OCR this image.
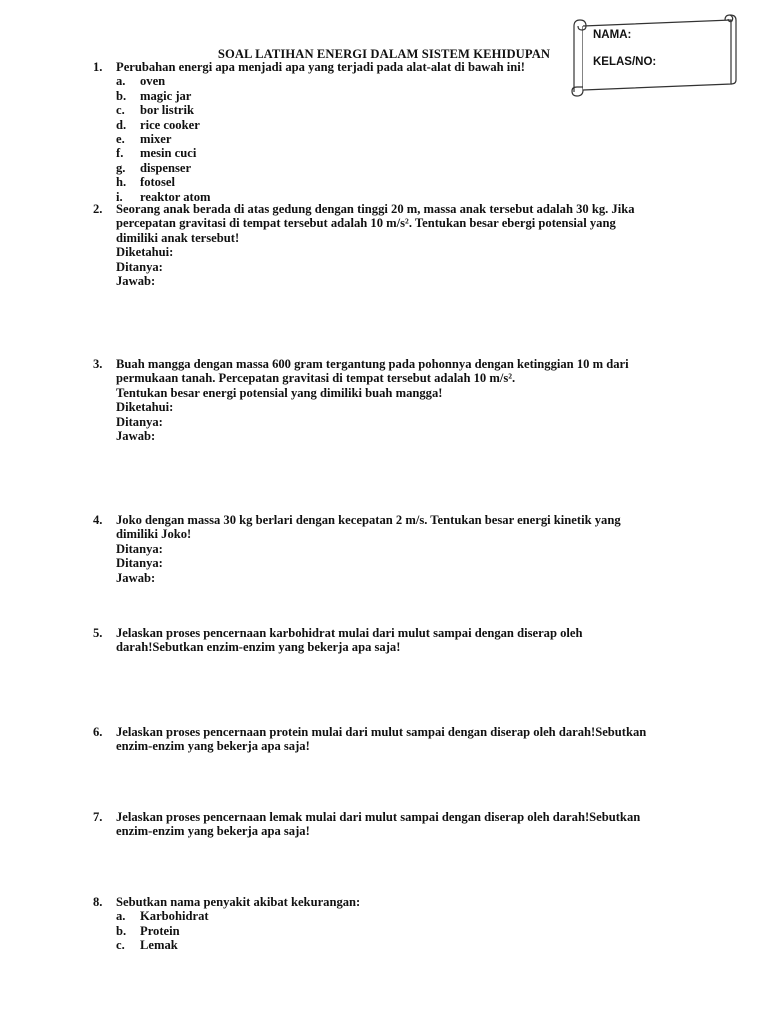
NAMA:
KELAS/NO:
SOAL LATIHAN ENERGI DALAM SISTEM KEHIDUPAN
1.	Perubahan energi apa menjadi apa yang terjadi pada alat-alat di bawah ini!
a. oven
b. magic jar
c. bor listrik
d. rice cooker
e. mixer
f. mesin cuci
g. dispenser
h. fotosel
i. reaktor atom
2.	Seorang anak berada di atas gedung dengan tinggi 20 m, massa anak tersebut adalah 30 kg. Jika
percepatan gravitasi di tempat tersebut adalah 10 m/s². Tentukan besar ebergi potensial yang
dimiliki anak tersebut!
Diketahui:
Ditanya:
Jawab:
3.	Buah mangga dengan massa 600 gram tergantung pada pohonnya dengan ketinggian 10 m dari
permukaan tanah. Percepatan gravitasi di tempat tersebut adalah 10 m/s².
Tentukan besar energi potensial yang dimiliki buah mangga!
Diketahui:
Ditanya:
Jawab:
4.	Joko dengan massa 30 kg berlari dengan kecepatan 2 m/s. Tentukan besar energi kinetik yang
dimiliki Joko!
Ditanya:
Ditanya:
Jawab:
5.	Jelaskan proses pencernaan karbohidrat mulai dari mulut sampai dengan diserap oleh
darah!Sebutkan enzim-enzim yang bekerja apa saja!
6.	Jelaskan proses pencernaan protein mulai dari mulut sampai dengan diserap oleh darah!Sebutkan
enzim-enzim yang bekerja apa saja!
7.	Jelaskan proses pencernaan lemak mulai dari mulut sampai dengan diserap oleh darah!Sebutkan
enzim-enzim yang bekerja apa saja!
8.	Sebutkan nama penyakit akibat kekurangan:
a. Karbohidrat
b. Protein
c. Lemak
